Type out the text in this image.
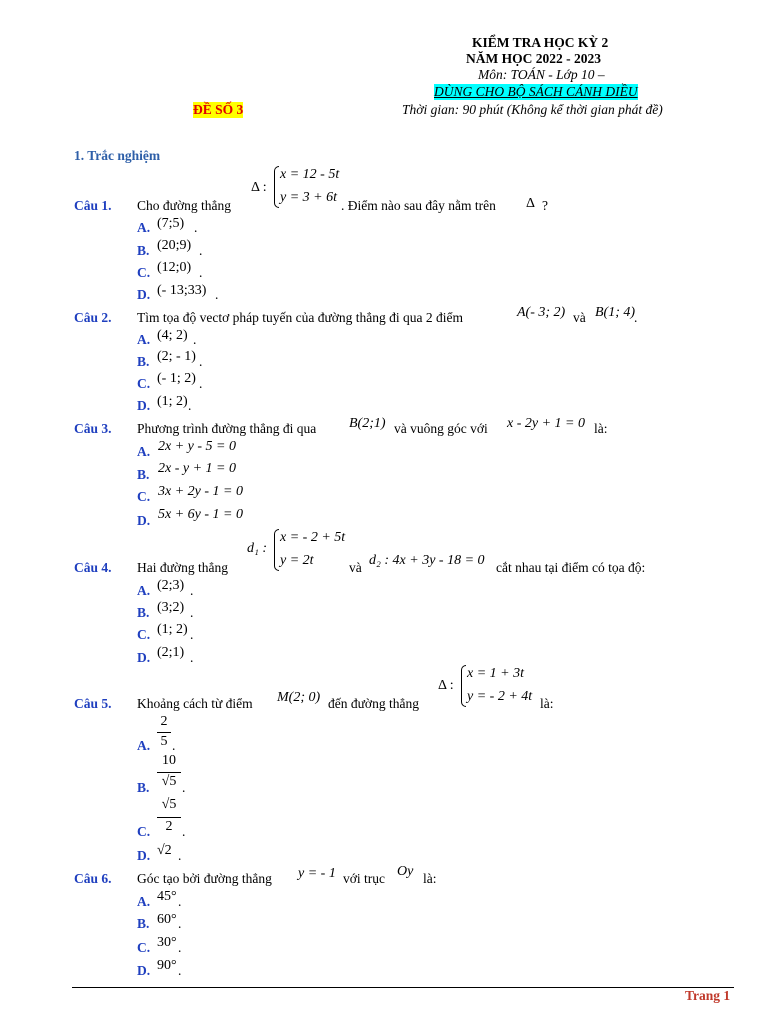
KIỂM TRA HỌC KỲ 2
NĂM HỌC 2022 - 2023
Môn: TOÁN - Lớp 10 –
DÙNG CHO BỘ SÁCH CÁNH DIỀU
ĐỀ SỐ 3	Thời gian: 90 phút (Không kể thời gian phát đề)
1. Trắc nghiệm
Câu 1. Cho đường thẳng
Δ :
x = 12 - 5t
y = 3 + 6t
. Điểm nào sau đây nằm trên Δ ?
A. (7;5) .
B. (20;9) .
C. (12;0) .
D. (- 13;33) .
Câu 2. Tìm tọa độ vectơ pháp tuyến của đường thẳng đi qua 2 điểm	A(- 3; 2) và B(1; 4)
.
A. (4; 2) .
B. (2; - 1) .
C. (- 1; 2) .
D. (1; 2) .
Câu 3. Phương trình đường thẳng đi qua B(2;1) và vuông góc với x - 2y + 1 = 0 là:
A. 2x + y - 5 = 0
B. 2x - y + 1 = 0
C. 3x + 2y - 1 = 0
D. 5x + 6y - 1 = 0
Câu 4. Hai đường thẳng
d₁ :
x = - 2 + 5t
y = 2t	và d₂ : 4x + 3y - 18 = 0 cắt nhau tại điểm có tọa độ:
A. (2;3) .
B. (3;2) .
C. (1; 2) .
D. (2;1) .
Câu 5. Khoảng cách từ điểm M(2; 0) đến đường thẳng
Δ :
x = 1 + 3t
y = - 2 + 4t là:
A.
2
5 .
B.
10
√5 .
C.
√5
2 .
D. √2 .
Câu 6. Góc tạo bởi đường thẳng y = - 1 với trục Oy là:
A. 45° .
B. 60° .
C. 30° .
D. 90° .
Trang 1
